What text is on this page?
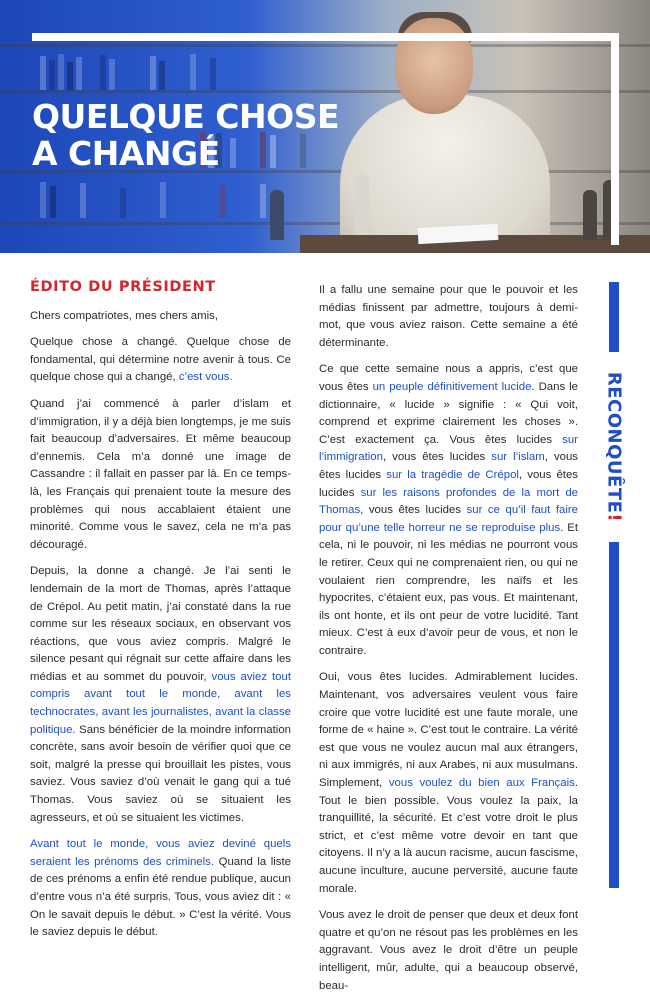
QUELQUE CHOSE
A CHANGÉ
ÉDITO DU PRÉSIDENT

Chers compatriotes, mes chers amis,

Quelque chose a changé. Quelque chose de fondamental, qui détermine notre avenir à tous. Ce quelque chose qui a changé, c’est vous.

Quand j’ai commencé à parler d’islam et d’immigration, il y a déjà bien longtemps, je me suis fait beaucoup d’adversaires. Et même beaucoup d’ennemis. Cela m’a donné une image de Cassandre : il fallait en passer par là. En ce temps-là, les Français qui prenaient toute la mesure des problèmes qui nous accablaient étaient une minorité. Comme vous le savez, cela ne m’a pas découragé.

Depuis, la donne a changé. Je l’ai senti le lendemain de la mort de Thomas, après l’attaque de Crépol. Au petit matin, j’ai constaté dans la rue comme sur les réseaux sociaux, en observant vos réactions, que vous aviez compris. Malgré le silence pesant qui régnait sur cette affaire dans les médias et au sommet du pouvoir, vous aviez tout compris avant tout le monde, avant les technocrates, avant les journalistes, avant la classe politique. Sans bénéficier de la moindre information concrète, sans avoir besoin de vérifier quoi que ce soit, malgré la presse qui brouillait les pistes, vous saviez. Vous saviez d’où venait le gang qui a tué Thomas. Vous saviez où se situaient les agresseurs, et où se situaient les victimes.

Avant tout le monde, vous aviez deviné quels seraient les prénoms des criminels. Quand la liste de ces prénoms a enfin été rendue publique, aucun d’entre vous n’a été surpris. Tous, vous aviez dit : « On le savait depuis le début. » C’est la vérité. Vous le saviez depuis le début.

Il a fallu une semaine pour que le pouvoir et les médias finissent par admettre, toujours à demi-mot, que vous aviez raison. Cette semaine a été déterminante.

Ce que cette semaine nous a appris, c’est que vous êtes un peuple définitivement lucide. Dans le dictionnaire, « lucide » signifie : « Qui voit, comprend et exprime clairement les choses ». C’est exactement ça. Vous êtes lucides sur l’immigration, vous êtes lucides sur l’islam, vous êtes lucides sur la tragédie de Crépol, vous êtes lucides sur les raisons profondes de la mort de Thomas, vous êtes lucides sur ce qu’il faut faire pour qu’une telle horreur ne se reproduise plus. Et cela, ni le pouvoir, ni les médias ne pourront vous le retirer. Ceux qui ne comprenaient rien, ou qui ne voulaient rien comprendre, les naïfs et les hypocrites, c’étaient eux, pas vous. Et maintenant, ils ont honte, et ils ont peur de votre lucidité. Tant mieux. C’est à eux d’avoir peur de vous, et non le contraire.

Oui, vous êtes lucides. Admirablement lucides. Maintenant, vos adversaires veulent vous faire croire que votre lucidité est une faute morale, une forme de « haine ». C’est tout le contraire. La vérité est que vous ne voulez aucun mal aux étrangers, ni aux immigrés, ni aux Arabes, ni aux musulmans. Simplement, vous voulez du bien aux Français. Tout le bien possible. Vous voulez la paix, la tranquillité, la sécurité. Et c’est votre droit le plus strict, et c’est même votre devoir en tant que citoyens. Il n’y a là aucun racisme, aucun fascisme, aucune inculture, aucune perversité, aucune faute morale.

Vous avez le droit de penser que deux et deux font quatre et qu’on ne résout pas les problèmes en les aggravant. Vous avez le droit d’être un peuple intelligent, mûr, adulte, qui a beaucoup observé, beau-

RECONQUÊTE!
